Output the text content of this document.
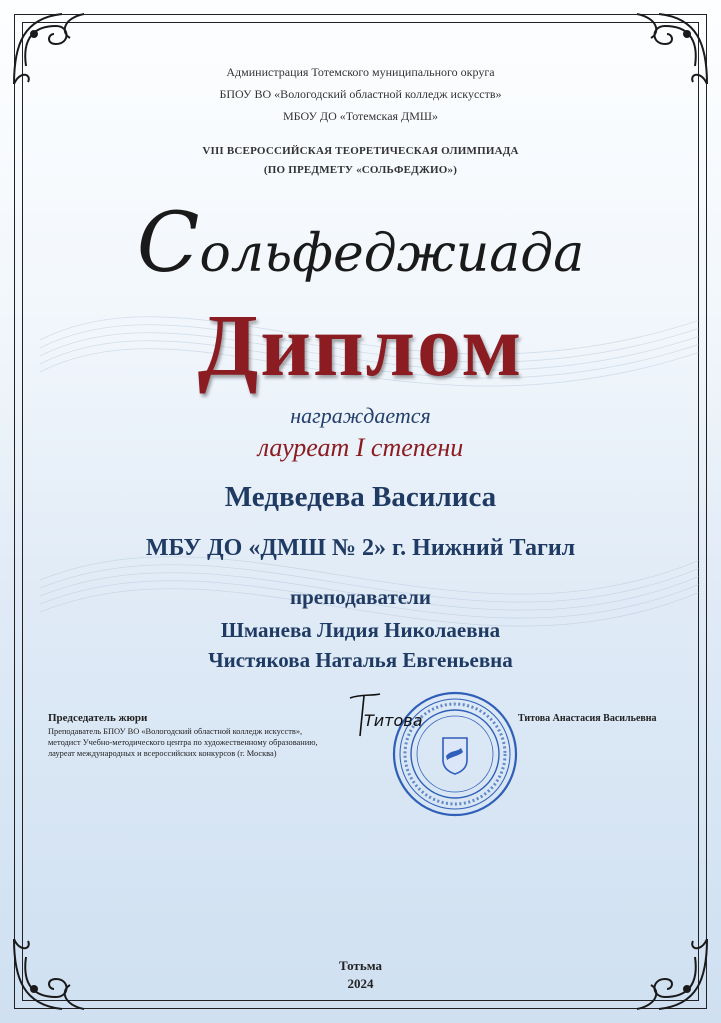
Администрация Тотемского муниципального округа
БПОУ ВО «Вологодский областной колледж искусств»
МБОУ ДО «Тотемская ДМШ»
VIII ВСЕРОССИЙСКАЯ ТЕОРЕТИЧЕСКАЯ ОЛИМПИАДА
(ПО ПРЕДМЕТУ «СОЛЬФЕДЖИО»)
Сольфеджиада
Диплом
награждается
лауреат I степени
Медведева Василиса
МБУ ДО «ДМШ № 2» г. Нижний Тагил
преподаватели
Шманева Лидия Николаевна
Чистякова Наталья Евгеньевна
Председатель жюри
Преподаватель БПОУ ВО «Вологодский областной колледж искусств», методист Учебно-методического центра по художественному образованию, лауреат международных и всероссийских конкурсов (г. Москва)
Титова	Титова Анастасия Васильевна
Тотьма
2024
